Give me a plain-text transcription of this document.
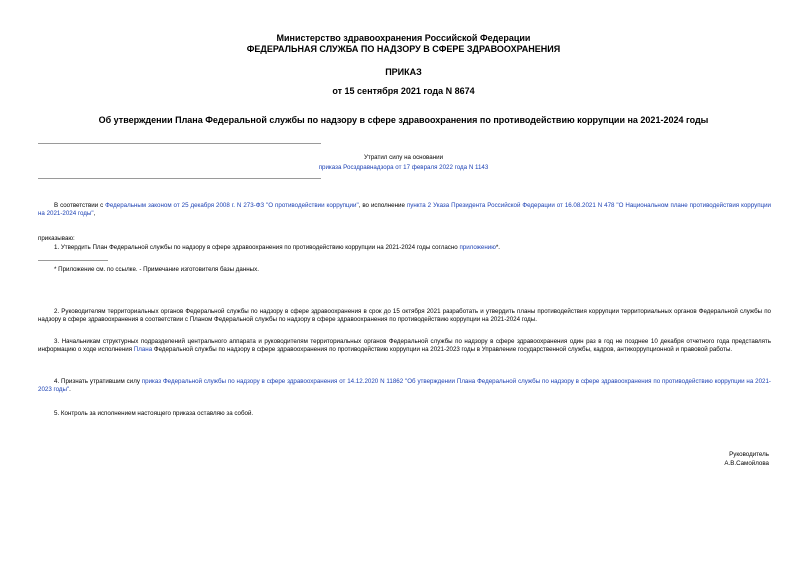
Министерство здравоохранения Российской Федерации
ФЕДЕРАЛЬНАЯ СЛУЖБА ПО НАДЗОРУ В СФЕРЕ ЗДРАВООХРАНЕНИЯ
ПРИКАЗ
от 15 сентября 2021 года N 8674
Об утверждении Плана Федеральной службы по надзору в сфере здравоохранения по противодействию коррупции на 2021-2024 годы
Утратил силу на основании
приказа Росздравнадзора от 17 февраля 2022 года N 1143
В соответствии с Федеральным законом от 25 декабря 2008 г. N 273-ФЗ "О противодействии коррупции", во исполнение пункта 2 Указа Президента Российской Федерации от 16.08.2021 N 478 "О Национальном плане противодействия коррупции на 2021-2024 годы",
приказываю:
1. Утвердить План Федеральной службы по надзору в сфере здравоохранения по противодействию коррупции на 2021-2024 годы согласно приложению*.
* Приложение см. по ссылке. - Примечание изготовителя базы данных.
2. Руководителям территориальных органов Федеральной службы по надзору в сфере здравоохранения в срок до 15 октября 2021 разработать и утвердить планы противодействия коррупции территориальных органов Федеральной службы по надзору в сфере здравоохранения в соответствии с Планом Федеральной службы по надзору в сфере здравоохранения по противодействию коррупции на 2021-2024 годы.
3. Начальникам структурных подразделений центрального аппарата и руководителям территориальных органов Федеральной службы по надзору в сфере здравоохранения один раз в год не позднее 10 декабря отчетного года представлять информацию о ходе исполнения Плана Федеральной службы по надзору в сфере здравоохранения по противодействию коррупции на 2021-2023 годы в Управление государственной службы, кадров, антикоррупционной и правовой работы.
4. Признать утратившим силу приказ Федеральной службы по надзору в сфере здравоохранения от 14.12.2020 N 11862 "Об утверждении Плана Федеральной службы по надзору в сфере здравоохранения по противодействию коррупции на 2021-2023 годы".
5. Контроль за исполнением настоящего приказа оставляю за собой.
Руководитель
А.В.Самойлова
